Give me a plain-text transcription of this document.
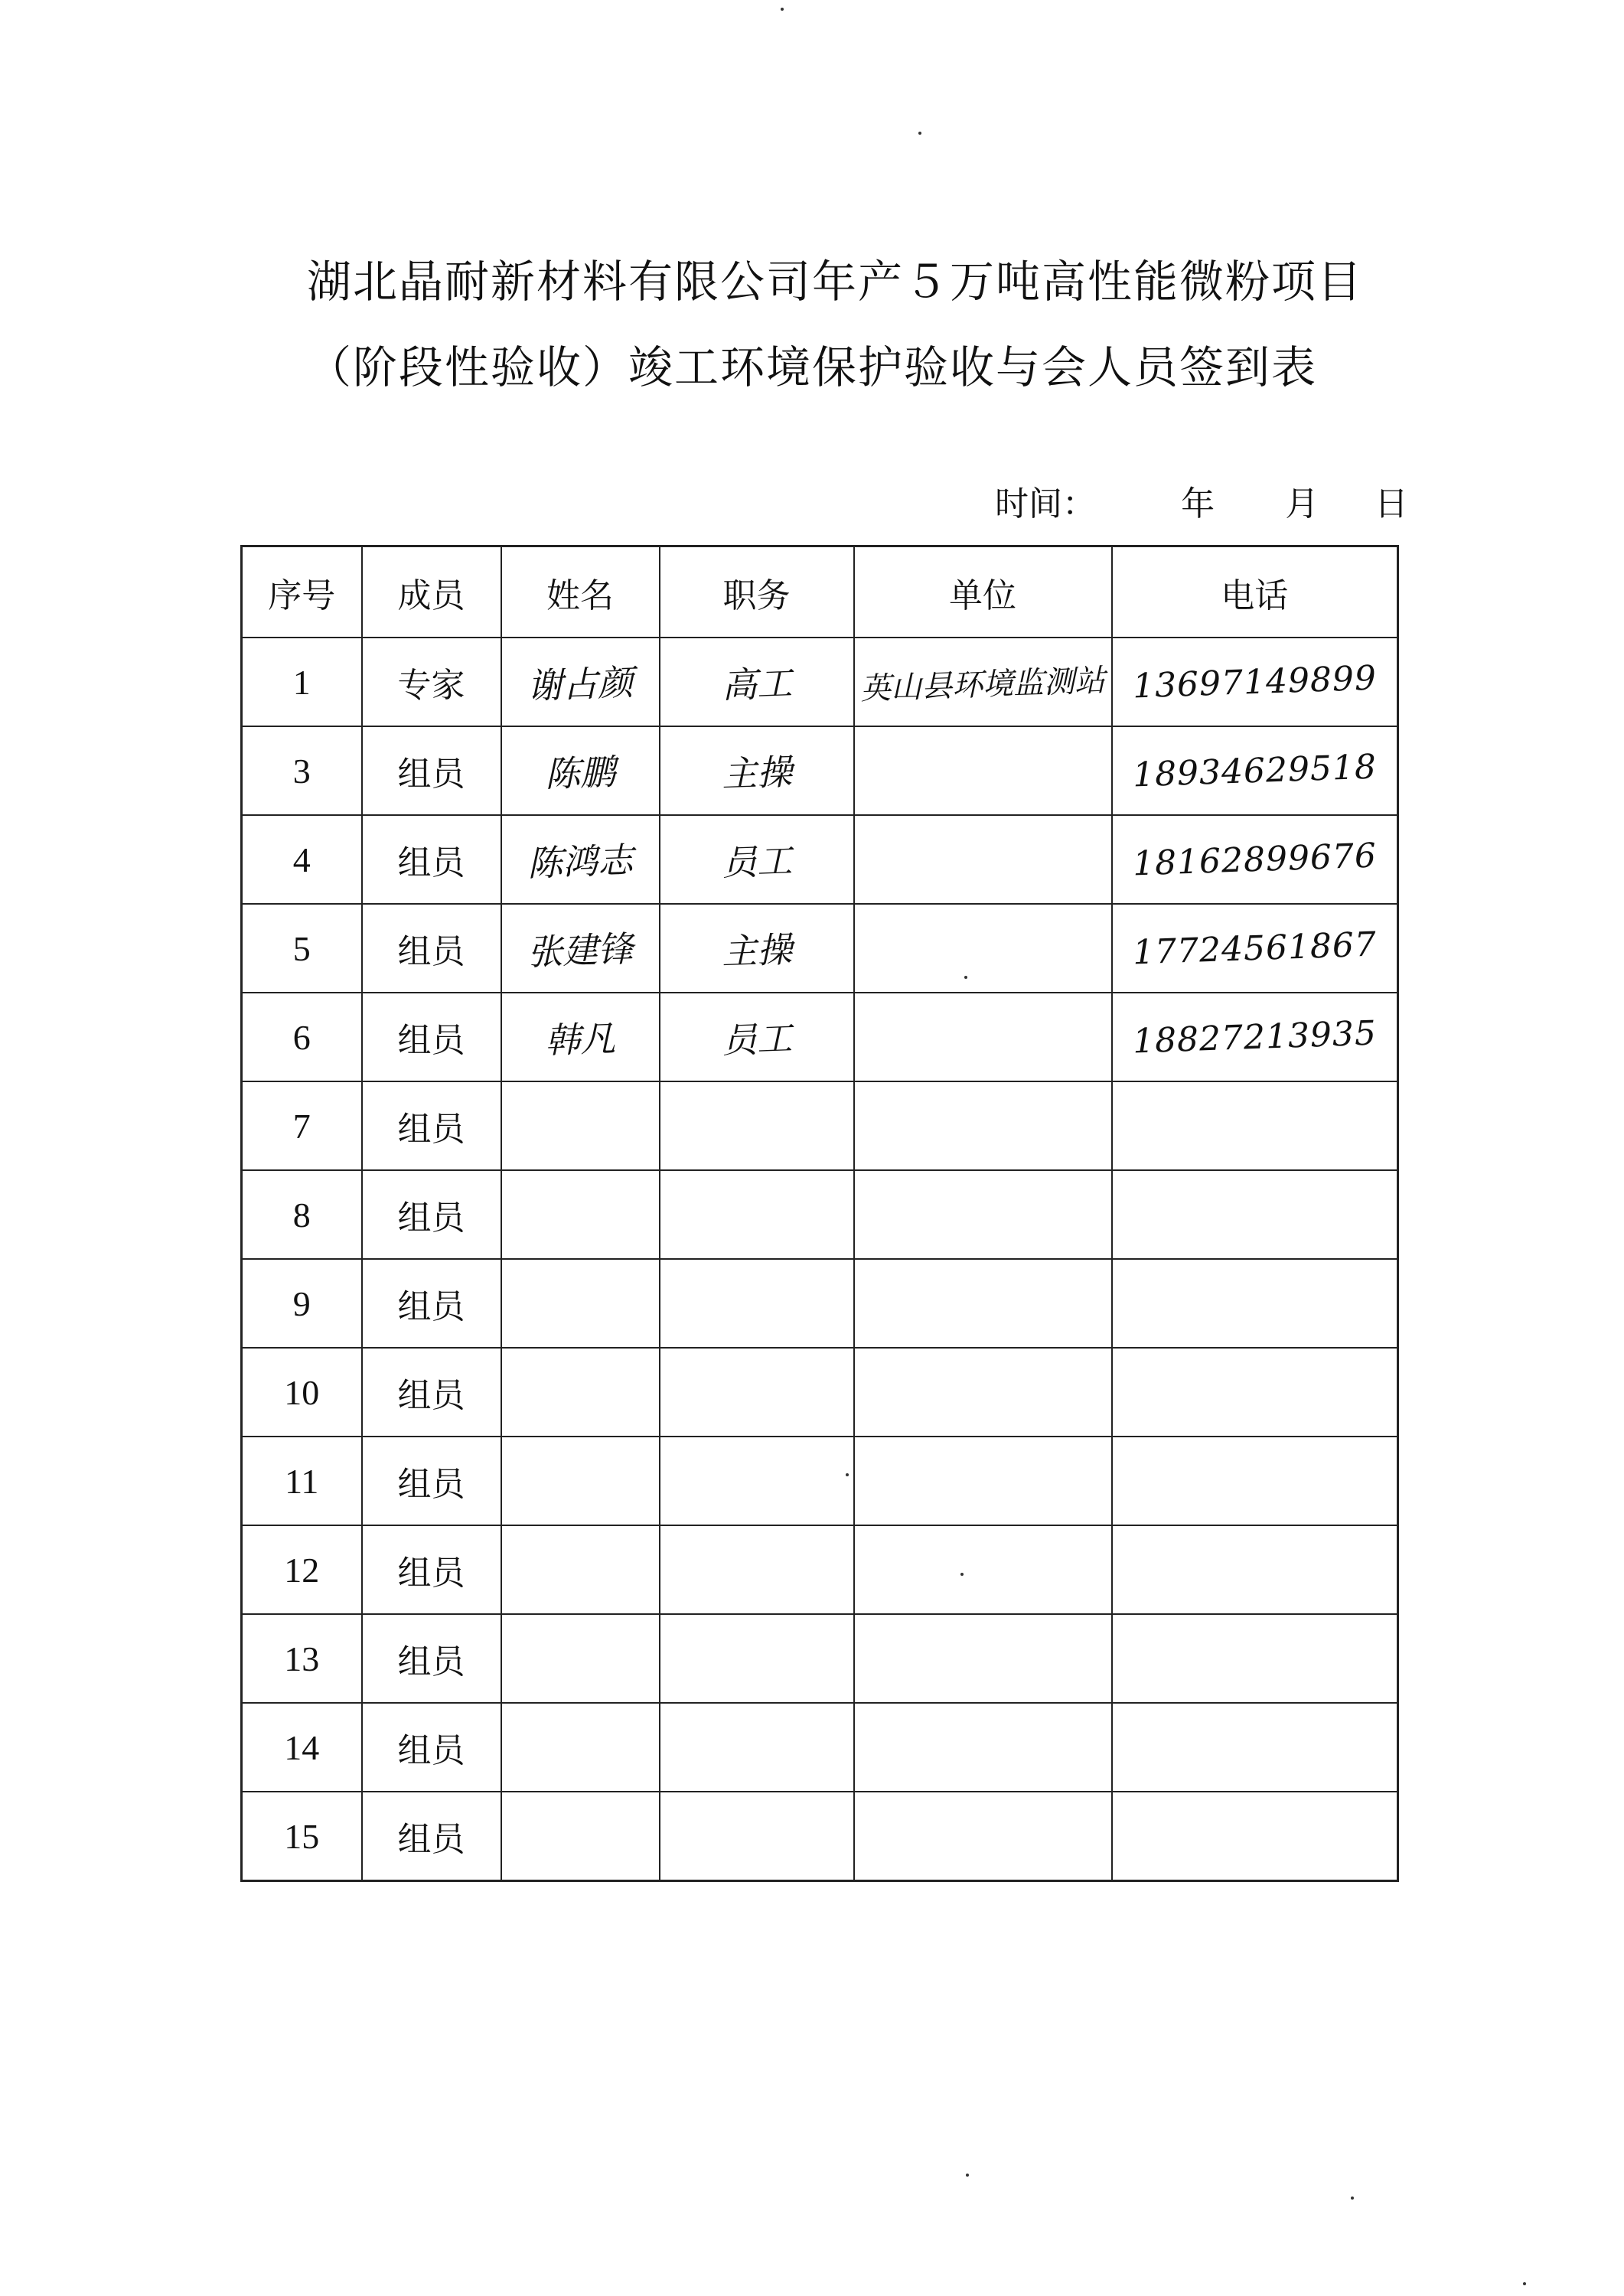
湖北晶耐新材料有限公司年产５万吨高性能微粉项目
（阶段性验收）竣工环境保护验收与会人员签到表
时间：	年	月	日
序号	成员	姓名	职务	单位	电话
1	专家	谢占颜	高工	英山县环境监测站	13697149899
3	组员	陈鹏	主操		18934629518
4	组员	陈鸿志	员工		18162899676
5	组员	张建锋	主操		17724561867
6	组员	韩凡	员工		18827213935
7	组员				
8	组员				
9	组员				
10	组员				
11	组员				
12	组员				
13	组员				
14	组员				
15	组员				
